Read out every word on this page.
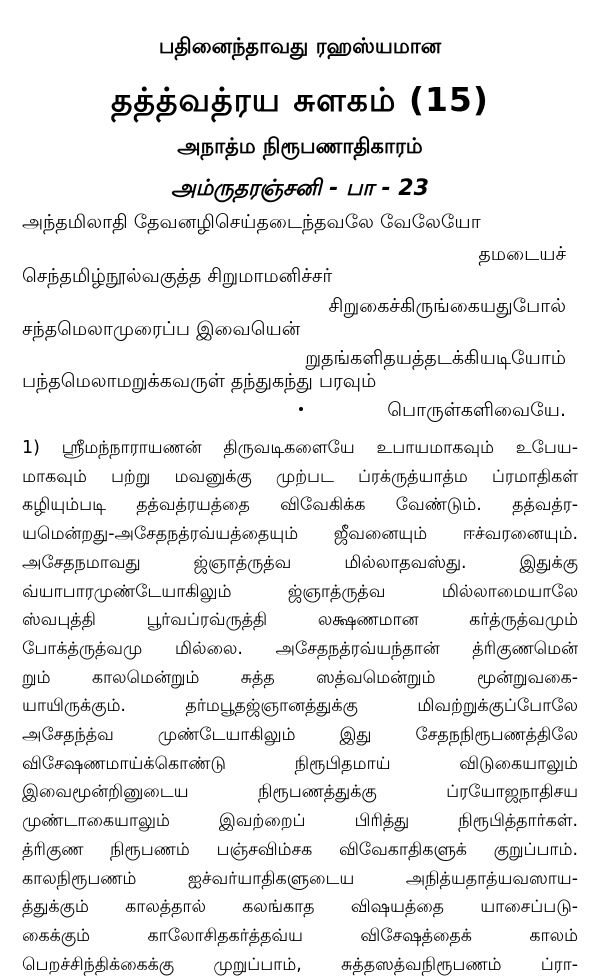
பதினைந்தாவது ரஹஸ்யமான
தத்த்வத்ரய சுளகம் (15)
அநாத்ம நிரூபணாதிகாரம்
அம்ருதரஞ்சனி - பா - 23
அந்தமிலாதி தேவனழிசெய்தடைந்தவலே வேலேயோ
தமடையச்
செந்தமிழ்நூல்வகுத்த சிறுமாமனிச்சர்
சிறுகைச்கிருங்கையதுபோல்
சந்தமெலாமுரைப்ப இவையென்
றுதங்களிதயத்தடக்கியடியோம்
பந்தமெலாமறுக்கவருள் தந்துகந்து பரவும்
பொருள்களிவையே.
1) ஸ்ரீமந்நாராயணன் திருவடிகளையே உபாயமாகவும் உபேய-
மாகவும் பற்று மவனுக்கு முற்பட ப்ரக்ருத்யாத்ம ப்ரமாதிகள்
கழியும்படி தத்வத்ரயத்தை விவேகிக்க வேண்டும். தத்வத்ர-
யமென்றது-அசேதநத்ரவ்யத்தையும் ஜீவனையும் ஈச்வரனையும்.
அசேதநமாவது ஜ்ஞாத்ருத்வ மில்லாதவஸ்து. இதுக்கு
வ்யாபாரமுண்டேயாகிலும் ஜ்ஞாத்ருத்வ மில்லாமையாலே
ஸ்வபுத்தி பூர்வப்ரவ்ருத்தி லக்ஷணமான கர்த்ருத்வமும்
போக்த்ருத்வமு மில்லை. அசேதநத்ரவ்யந்தான் த்ரிகுணமென்
றும் காலமென்றும் சுத்த ஸத்வமென்றும் மூன்றுவகை-
யாயிருக்கும். தர்மபூதஜ்ஞானத்துக்கு மிவற்றுக்குப்போலே
அசேதந்த்வ முண்டேயாகிலும் இது சேதநநிரூபணத்திலே
விசேஷணமாய்க்கொண்டு நிரூபிதமாய் விடுகையாலும்
இவைமூன்றினுடைய நிரூபணத்துக்கு ப்ரயோஜநாதிசய
முண்டாகையாலும் இவற்றைப் பிரித்து நிரூபித்தார்கள்.
த்ரிகுண நிரூபணம் பஞ்சவிம்சக விவேகாதிகளுக் குறுப்பாம்.
காலநிரூபணம் ஐச்வர்யாதிகளுடைய அநித்யதாத்யவஸாய-
த்துக்கும் காலத்தால் கலங்காத விஷயத்தை யாசைப்படு-
கைக்கும் காலோசிதகர்த்தவ்ய விசேஷத்தைக் காலம்
பெறச்சிந்திக்கைக்கு முறுப்பாம், சுத்தஸத்வநிரூபணம் ப்ரா-
